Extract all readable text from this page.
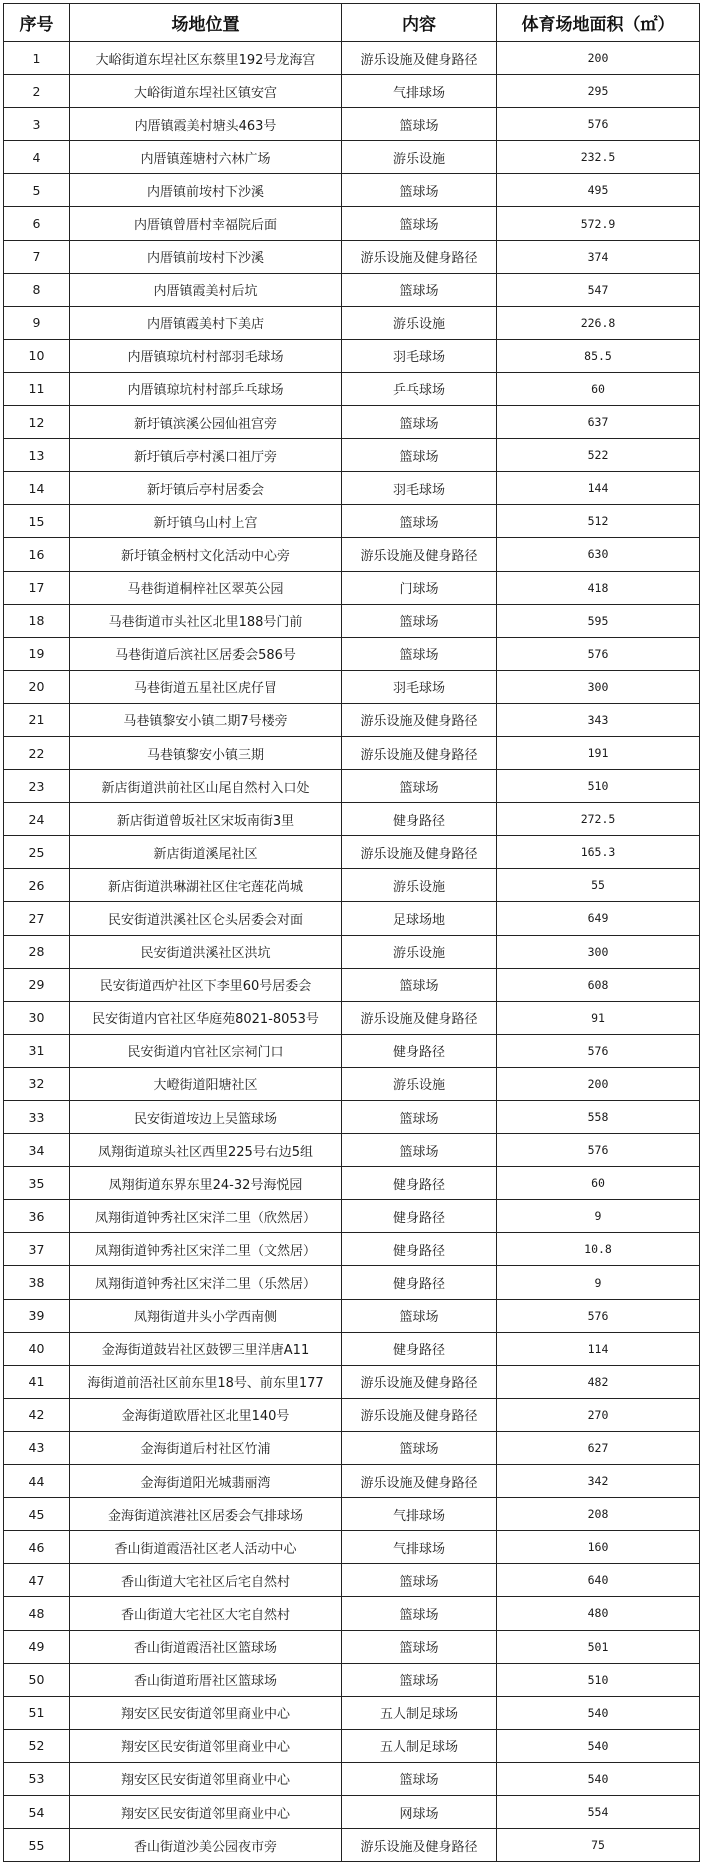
序号	场地位置	内容	体育场地面积（㎡）
1	大峪街道东埕社区东蔡里192号龙海宫	游乐设施及健身路径	200
2	大峪街道东埕社区镇安宫	气排球场	295
3	内厝镇霞美村塘头463号	篮球场	576
4	内厝镇莲塘村六林广场	游乐设施	232.5
5	内厝镇前垵村下沙溪	篮球场	495
6	内厝镇曾厝村幸福院后面	篮球场	572.9
7	内厝镇前垵村下沙溪	游乐设施及健身路径	374
8	内厝镇霞美村后坑	篮球场	547
9	内厝镇霞美村下美店	游乐设施	226.8
10	内厝镇琼坑村村部羽毛球场	羽毛球场	85.5
11	内厝镇琼坑村村部乒乓球场	乒乓球场	60
12	新圩镇滨溪公园仙祖宫旁	篮球场	637
13	新圩镇后亭村溪口祖厅旁	篮球场	522
14	新圩镇后亭村居委会	羽毛球场	144
15	新圩镇乌山村上宫	篮球场	512
16	新圩镇金柄村文化活动中心旁	游乐设施及健身路径	630
17	马巷街道桐梓社区翠英公园	门球场	418
18	马巷街道市头社区北里188号门前	篮球场	595
19	马巷街道后滨社区居委会586号	篮球场	576
20	马巷街道五星社区虎仔冒	羽毛球场	300
21	马巷镇黎安小镇二期7号楼旁	游乐设施及健身路径	343
22	马巷镇黎安小镇三期	游乐设施及健身路径	191
23	新店街道洪前社区山尾自然村入口处	篮球场	510
24	新店街道曾坂社区宋坂南街3里	健身路径	272.5
25	新店街道溪尾社区	游乐设施及健身路径	165.3
26	新店街道洪琳湖社区住宅莲花尚城	游乐设施	55
27	民安街道洪溪社区仑头居委会对面	足球场地	649
28	民安街道洪溪社区洪坑	游乐设施	300
29	民安街道西炉社区下李里60号居委会	篮球场	608
30	民安街道内官社区华庭苑8021-8053号	游乐设施及健身路径	91
31	民安街道内官社区宗祠门口	健身路径	576
32	大嶝街道阳塘社区	游乐设施	200
33	民安街道垵边上吴篮球场	篮球场	558
34	凤翔街道琼头社区西里225号右边5组	篮球场	576
35	凤翔街道东界东里24-32号海悦园	健身路径	60
36	凤翔街道钟秀社区宋洋二里（欣然居）	健身路径	9
37	凤翔街道钟秀社区宋洋二里（文然居）	健身路径	10.8
38	凤翔街道钟秀社区宋洋二里（乐然居）	健身路径	9
39	凤翔街道井头小学西南侧	篮球场	576
40	金海街道鼓岩社区鼓锣三里洋唐A11	健身路径	114
41	海街道前浯社区前东里18号、前东里177	游乐设施及健身路径	482
42	金海街道欧厝社区北里140号	游乐设施及健身路径	270
43	金海街道后村社区竹浦	篮球场	627
44	金海街道阳光城翡丽湾	游乐设施及健身路径	342
45	金海街道滨港社区居委会气排球场	气排球场	208
46	香山街道霞浯社区老人活动中心	气排球场	160
47	香山街道大宅社区后宅自然村	篮球场	640
48	香山街道大宅社区大宅自然村	篮球场	480
49	香山街道霞浯社区篮球场	篮球场	501
50	香山街道珩厝社区篮球场	篮球场	510
51	翔安区民安街道邻里商业中心	五人制足球场	540
52	翔安区民安街道邻里商业中心	五人制足球场	540
53	翔安区民安街道邻里商业中心	篮球场	540
54	翔安区民安街道邻里商业中心	网球场	554
55	香山街道沙美公园夜市旁	游乐设施及健身路径	75
